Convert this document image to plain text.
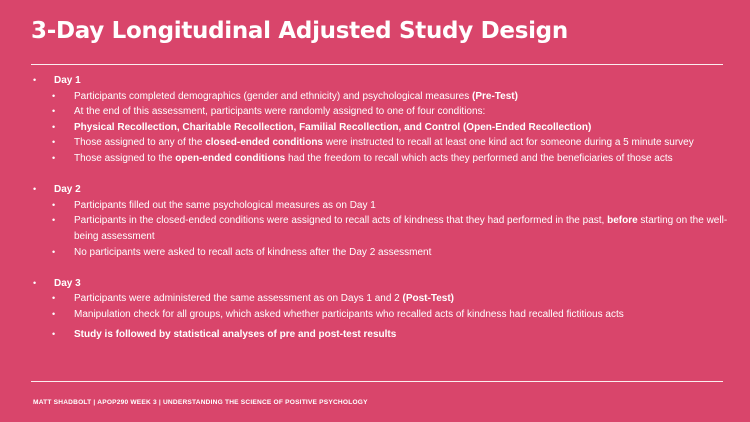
3-Day Longitudinal Adjusted Study Design
•	Day 1
•	Participants completed demographics (gender and ethnicity) and psychological measures (Pre-Test)
•	At the end of this assessment, participants were randomly assigned to one of four conditions:
•	Physical Recollection, Charitable Recollection, Familial Recollection, and Control (Open-Ended Recollection)
•	Those assigned to any of the closed-ended conditions were instructed to recall at least one kind act for someone during a 5 minute survey
•	Those assigned to the open-ended conditions had the freedom to recall which acts they performed and the beneficiaries of those acts
•	Day 2
•	Participants filled out the same psychological measures as on Day 1
•	Participants in the closed-ended conditions were assigned to recall acts of kindness that they had performed in the past, before starting on the well-being assessment
•	No participants were asked to recall acts of kindness after the Day 2 assessment
•	Day 3
•	Participants were administered the same assessment as on Days 1 and 2 (Post-Test)
•	Manipulation check for all groups, which asked whether participants who recalled acts of kindness had recalled fictitious acts
•	Study is followed by statistical analyses of pre and post-test results
MATT SHADBOLT | APOP290 WEEK 3 | UNDERSTANDING THE SCIENCE OF POSITIVE PSYCHOLOGY
